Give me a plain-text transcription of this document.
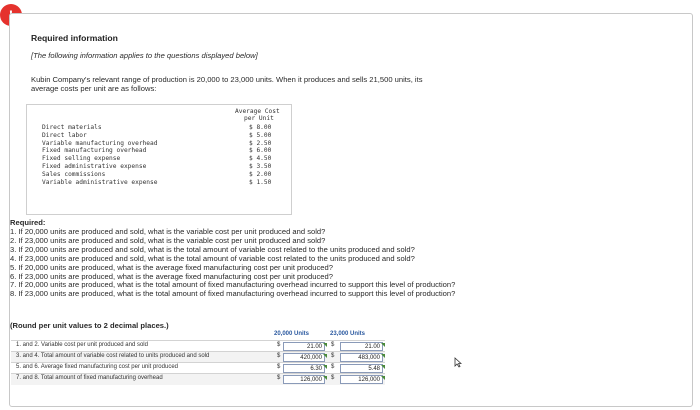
Required information
[The following information applies to the questions displayed below]
Kubin Company's relevant range of production is 20,000 to 23,000 units. When it produces and sells 21,500 units, its
average costs per unit are as follows:
Average Cost
per Unit
Direct materials	$ 8.00
Direct labor	$ 5.00
Variable manufacturing overhead	$ 2.50
Fixed manufacturing overhead	$ 6.00
Fixed selling expense	$ 4.50
Fixed administrative expense	$ 3.50
Sales commissions	$ 2.00
Variable administrative expense	$ 1.50
Required:
1. If 20,000 units are produced and sold, what is the variable cost per unit produced and sold?
2. If 23,000 units are produced and sold, what is the variable cost per unit produced and sold?
3. If 20,000 units are produced and sold, what is the total amount of variable cost related to the units produced and sold?
4. If 23,000 units are produced and sold, what is the total amount of variable cost related to the units produced and sold?
5. If 20,000 units are produced, what is the average fixed manufacturing cost per unit produced?
6. If 23,000 units are produced, what is the average fixed manufacturing cost per unit produced?
7. If 20,000 units are produced, what is the total amount of fixed manufacturing overhead incurred to support this level of production?
8. If 23,000 units are produced, what is the total amount of fixed manufacturing overhead incurred to support this level of production?
(Round per unit values to 2 decimal places.)
20,000 Units	23,000 Units
1. and 2. Variable cost per unit produced and sold	$	21.00	$	21.00
3. and 4. Total amount of variable cost related to units produced and sold	$	420,000	$	483,000
5. and 6. Average fixed manufacturing cost per unit produced	$	6.30	$	5.48
7. and 8. Total amount of fixed manufacturing overhead	$	126,000	$	126,000
